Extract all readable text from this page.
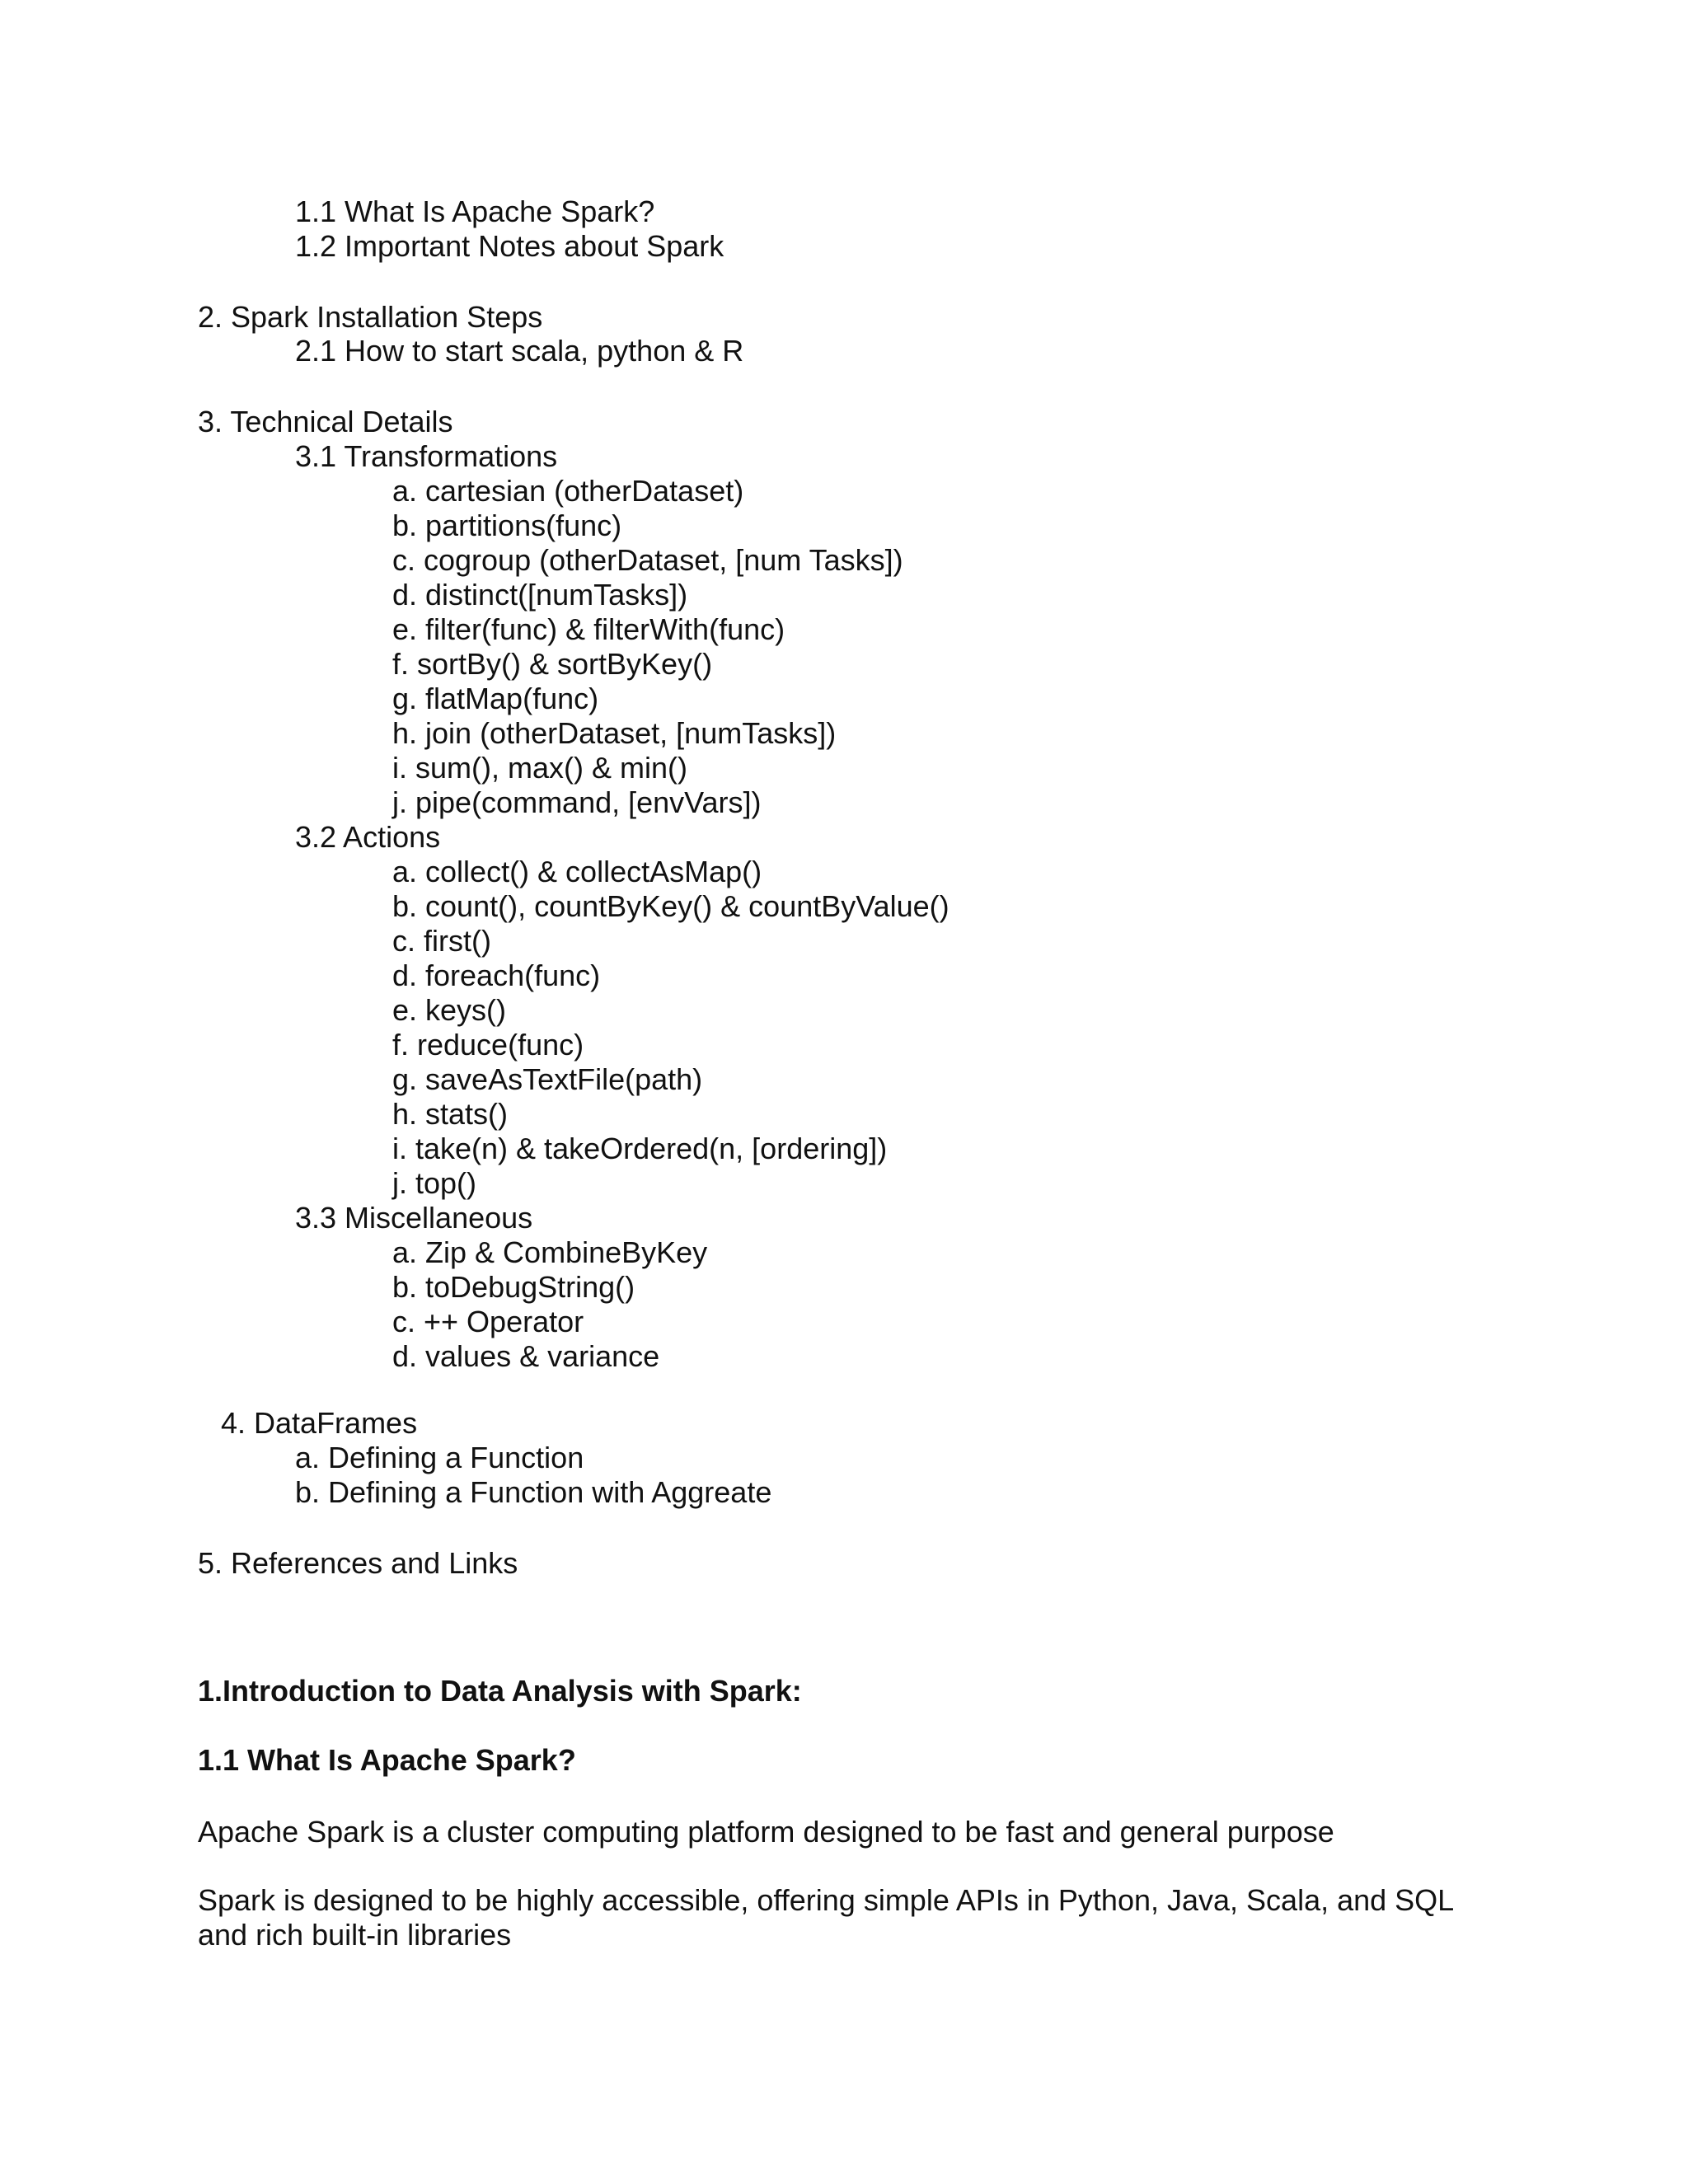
1.1 What Is Apache Spark?
1.2 Important Notes about Spark
2. Spark Installation Steps
2.1 How to start scala, python & R
3. Technical Details
3.1 Transformations
a. cartesian (otherDataset)
b. partitions(func)
c. cogroup (otherDataset, [num Tasks])
d. distinct([numTasks])
e. filter(func) & filterWith(func)
f. sortBy() & sortByKey()
g. flatMap(func)
h. join (otherDataset, [numTasks])
i. sum(), max() & min()
j. pipe(command, [envVars])
3.2 Actions
a. collect() & collectAsMap()
b. count(), countByKey() & countByValue()
c. first()
d. foreach(func)
e. keys()
f. reduce(func)
g. saveAsTextFile(path)
h. stats()
i. take(n) & takeOrdered(n, [ordering])
j. top()
3.3 Miscellaneous
a. Zip & CombineByKey
b. toDebugString()
c. ++ Operator
d. values & variance
4. DataFrames
a. Defining a Function
b. Defining a Function with Aggreate
5. References and Links
1.Introduction to Data Analysis with Spark:
1.1 What Is Apache Spark?
Apache Spark is a cluster computing platform designed to be fast and general purpose
Spark is designed to be highly accessible, offering simple APIs in Python, Java, Scala, and SQL
and rich built-in libraries
